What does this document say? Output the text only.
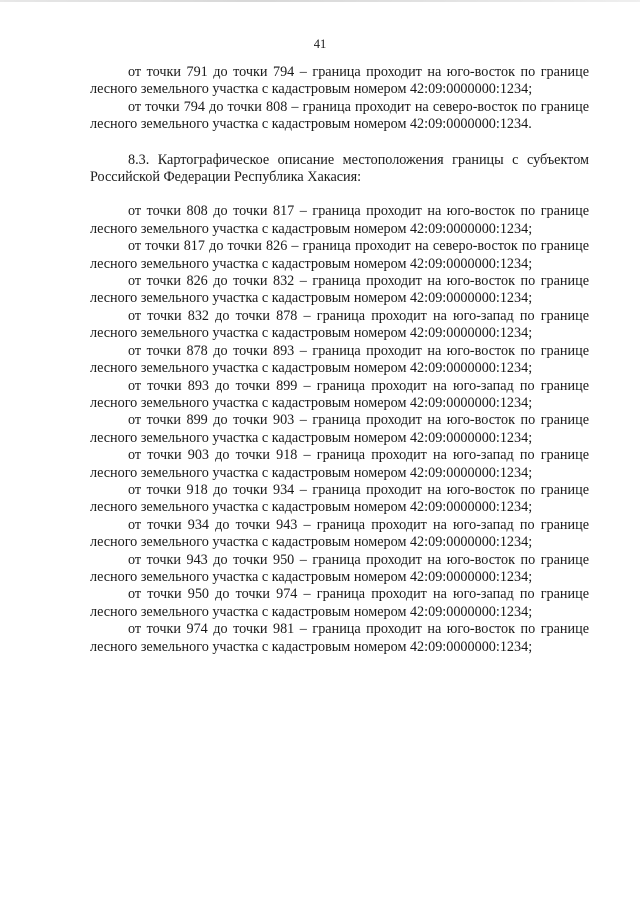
41

от точки 791 до точки 794 – граница проходит на юго-восток по границе лесного земельного участка с кадастровым номером 42:09:0000000:1234;

от точки 794 до точки 808 – граница проходит на северо-восток по границе лесного земельного участка с кадастровым номером 42:09:0000000:1234.

8.3. Картографическое описание местоположения границы с субъектом Российской Федерации Республика Хакасия:

от точки 808 до точки 817 – граница проходит на юго-восток по границе лесного земельного участка с кадастровым номером 42:09:0000000:1234;

от точки 817 до точки 826 – граница проходит на северо-восток по границе лесного земельного участка с кадастровым номером 42:09:0000000:1234;

от точки 826 до точки 832 – граница проходит на юго-восток по границе лесного земельного участка с кадастровым номером 42:09:0000000:1234;

от точки 832 до точки 878 – граница проходит на юго-запад по границе лесного земельного участка с кадастровым номером 42:09:0000000:1234;

от точки 878 до точки 893 – граница проходит на юго-восток по границе лесного земельного участка с кадастровым номером 42:09:0000000:1234;

от точки 893 до точки 899 – граница проходит на юго-запад по границе лесного земельного участка с кадастровым номером 42:09:0000000:1234;

от точки 899 до точки 903 – граница проходит на юго-восток по границе лесного земельного участка с кадастровым номером 42:09:0000000:1234;

от точки 903 до точки 918 – граница проходит на юго-запад по границе лесного земельного участка с кадастровым номером 42:09:0000000:1234;

от точки 918 до точки 934 – граница проходит на юго-восток по границе лесного земельного участка с кадастровым номером 42:09:0000000:1234;

от точки 934 до точки 943 – граница проходит на юго-запад по границе лесного земельного участка с кадастровым номером 42:09:0000000:1234;

от точки 943 до точки 950 – граница проходит на юго-восток по границе лесного земельного участка с кадастровым номером 42:09:0000000:1234;

от точки 950 до точки 974 – граница проходит на юго-запад по границе лесного земельного участка с кадастровым номером 42:09:0000000:1234;

от точки 974 до точки 981 – граница проходит на юго-восток по границе лесного земельного участка с кадастровым номером 42:09:0000000:1234;
